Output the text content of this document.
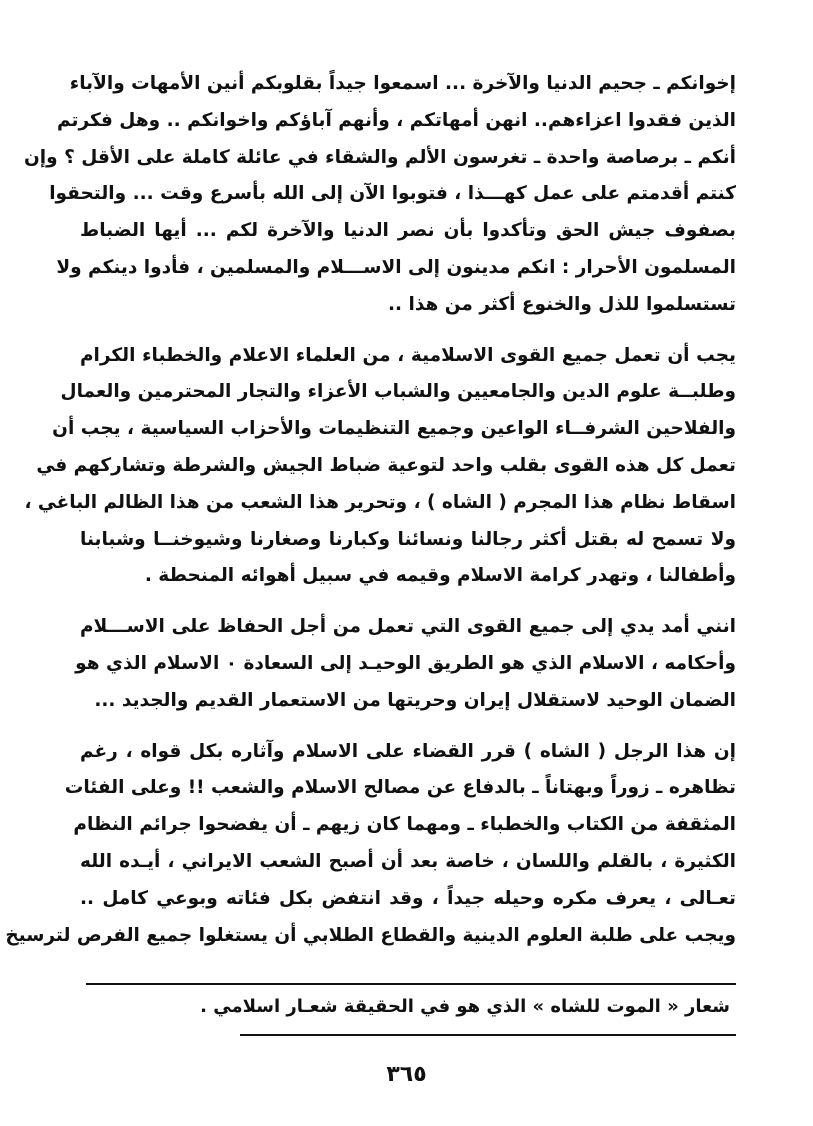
إخوانكم ـ جحيم الدنيا والآخرة ... اسمعوا جيداً بقلوبكم أنين الأمهات والآباء
الذين فقدوا اعزاءهم.. انهن أمهاتكم ، وأنهم آباؤكم واخوانكم .. وهل فكرتم
أنكم ـ برصاصة واحدة ـ تغرسون الألم والشقاء في عائلة كاملة على الأقل ؟ وإن
كنتم أقدمتم على عمل كهـــذا ، فتوبوا الآن إلى الله بأسرع وقت ... والتحقوا
بصفوف جيش الحق وتأكدوا بأن نصر الدنيا والآخرة لكم ... أيها الضباط
المسلمون الأحرار : انكم مدينون إلى الاســـلام والمسلمين ، فأدوا دينكم ولا
تستسلموا للذل والخنوع أكثر من هذا ..
يجب أن تعمل جميع القوى الاسلامية ، من العلماء الاعلام والخطباء الكرام
وطلبــة علوم الدين والجامعيين والشباب الأعزاء والتجار المحترمين والعمال
والفلاحين الشرفــاء الواعين وجميع التنظيمات والأحزاب السياسية ، يجب أن
تعمل كل هذه القوى بقلب واحد لتوعية ضباط الجيش والشرطة وتشاركهم في
اسقاط نظام هذا المجرم ( الشاه ) ، وتحرير هذا الشعب من هذا الظالم الباغي ،
ولا تسمح له بقتل أكثر رجالنا ونسائنا وكبارنا وصغارنا وشيوخنــا وشبابنا
وأطفالنا ، وتهدر كرامة الاسلام وقيمه في سبيل أهوائه المنحطة .
انني أمد يدي إلى جميع القوى التي تعمل من أجل الحفاظ على الاســـلام
وأحكامه ، الاسلام الذي هو الطريق الوحيـد إلى السعادة ٠ الاسلام الذي هو
الضمان الوحيد لاستقلال إيران وحريتها من الاستعمار القديم والجديد ...
إن هذا الرجل ( الشاه ) قرر القضاء على الاسلام وآثاره بكل قواه ، رغم
تظاهره ـ زوراً وبهتاناً ـ بالدفاع عن مصالح الاسلام والشعب !! وعلى الفئات
المثقفة من الكتاب والخطباء ـ ومهما كان زيهم ـ أن يفضحوا جرائم النظام
الكثيرة ، بالقلم واللسان ، خاصة بعد أن أصبح الشعب الايراني ، أيـده الله
تعـالى ، يعرف مكره وحيله جيداً ، وقد انتفض بكل فئاته وبوعي كامل ..
ويجب على طلبة العلوم الدينية والقطاع الطلابي أن يستغلوا جميع الفرص لترسيخ
شعار « الموت للشاه » الذي هو في الحقيقة شعـار اسلامي .
٣٦٥
